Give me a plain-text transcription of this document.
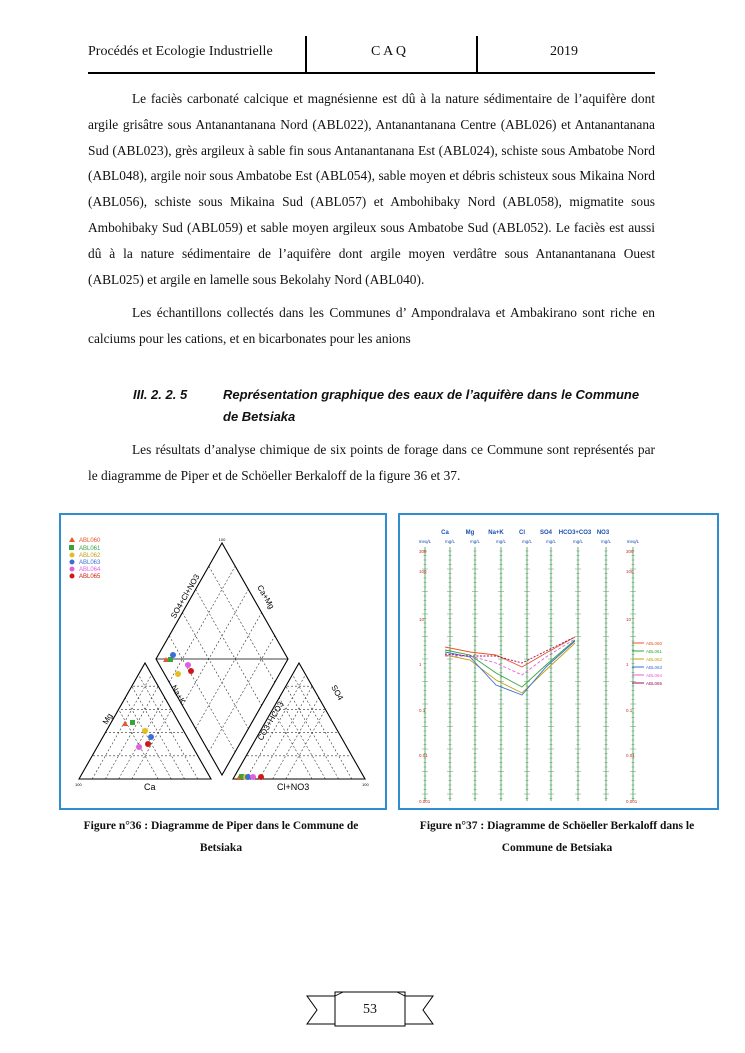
Procédés et Ecologie Industrielle	C A Q	2019

Le faciès carbonaté calcique et magnésienne est dû à la nature sédimentaire de l’aquifère dont argile grisâtre sous Antanantanana Nord (ABL022), Antanantanana Centre (ABL026) et Antanantanana Sud (ABL023), grès argileux à sable fin sous Antanantanana Est (ABL024), schiste sous Ambatobe Nord (ABL048), argile noir sous Ambatobe Est (ABL054), sable moyen et débris schisteux sous Mikaina Nord (ABL056), schiste sous Mikaina Sud (ABL057) et Ambohibaky Nord (ABL058), migmatite sous Ambohibaky Sud (ABL059) et sable moyen argileux sous Ambatobe Sud (ABL052). Le faciès est aussi dû à la nature sédimentaire de l’aquifère dont argile moyen verdâtre sous Antanantanana Ouest (ABL025) et argile en lamelle sous Bekolahy Nord (ABL040).

Les échantillons collectés dans les Communes d’ Ampondralava et Ambakirano sont riche en calciums pour les cations, et en bicarbonates pour les anions

III. 2. 2. 5	Représentation graphique des eaux de l’aquifère dans le Commune de Betsiaka

Les résultats d’analyse chimique de six points de forage dans ce Commune sont représentés par le diagramme de Piper et de Schöeller Berkaloff de la figure 36 et 37.

Ca	Cl+NO3
Mg
Na+K
CO3+HCO3
SO4
SO4+Cl+NO3	Ca+Mg
100
100	100
ABL060
ABL061
ABL062
ABL063
ABL064
ABL065
Figure n°36 : Diagramme de Piper dans le Commune de Betsiaka
Ca	Mg Na+K	Cl SO4 HCO3+CO3 NO3
meq/L	mg/L	mg/L	mg/L	mg/L	mg/L	mg/L	mg/L	meq/L
300
100
10
1
0.1
0.01
0.001
300
100
10
1
0.1
0.01
0.001
ABL060
ABL061
ABL062
ABL063
ABL064
ABL065
Figure n°37 : Diagramme de Schöeller Berkaloff dans le Commune de Betsiaka
53
